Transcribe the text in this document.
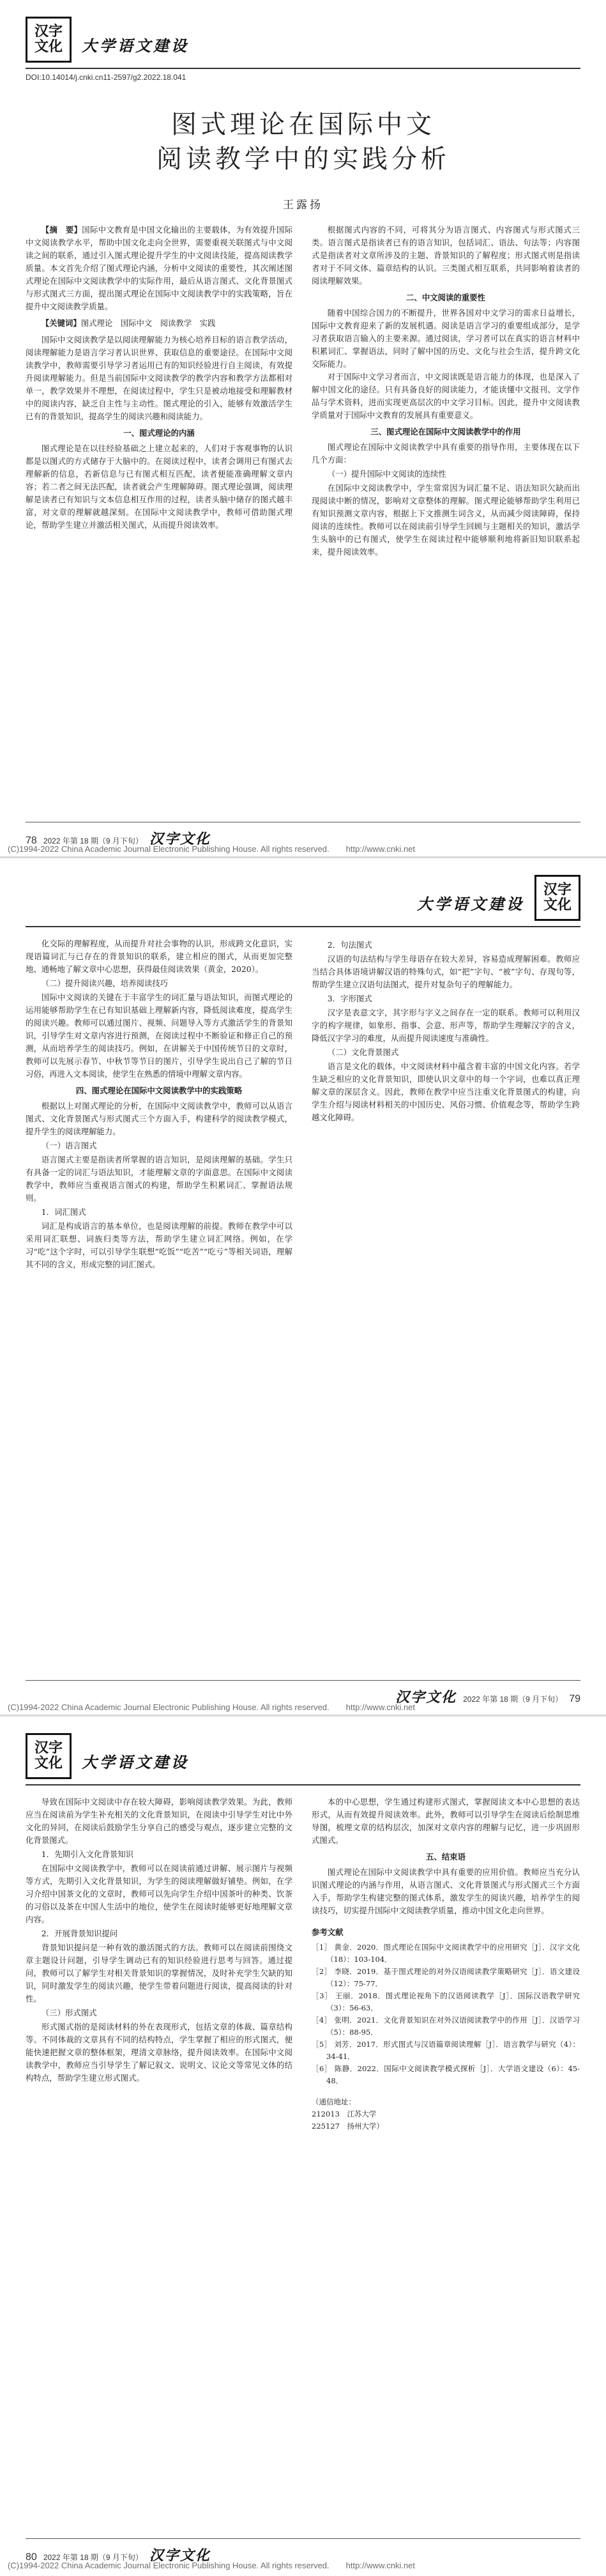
汉字
文化 大学语文建设
DOI:10.14014/j.cnki.cn11-2597/g2.2022.18.041
图式理论在国际中文
阅读教学中的实践分析
王露扬

【摘　要】国际中文教育是中国文化输出的主要载体，为有效提升国际中文阅读教学水平，帮助中国文化走向全世界，需要重视关联图式与中文阅读之间的联系，通过引入图式理论提升学生的中文阅读技能，提高阅读教学质量。本文首先介绍了图式理论内涵，分析中文阅读的重要性，其次阐述图式理论在国际中文阅读教学中的实际作用，最后从语言图式、文化背景图式与形式图式三方面，提出图式理论在国际中文阅读教学中的实践策略，旨在提升中文阅读教学质量。

【关键词】图式理论　国际中文　阅读教学　实践

国际中文阅读教学是以阅读理解能力为核心培养目标的语言教学活动，阅读理解能力是语言学习者认识世界、获取信息的重要途径。在国际中文阅读教学中，教师需要引导学习者运用已有的知识经验进行自主阅读，有效提升阅读理解能力。但是当前国际中文阅读教学的教学内容和教学方法都相对单一，教学效果并不理想，在阅读过程中，学生只是被动地接受和理解教材中的阅读内容，缺乏自主性与主动性。图式理论的引入，能够有效激活学生已有的背景知识，提高学生的阅读兴趣和阅读能力。

一、图式理论的内涵

图式理论是在以往经验基础之上建立起来的，人们对于客观事物的认识都是以图式的方式储存于大脑中的。在阅读过程中，读者会调用已有图式去理解新的信息，若新信息与已有图式相互匹配，读者便能准确理解文章内容；若二者之间无法匹配，读者就会产生理解障碍。图式理论强调，阅读理解是读者已有知识与文本信息相互作用的过程，读者头脑中储存的图式越丰富，对文章的理解就越深刻。在国际中文阅读教学中，教师可借助图式理论，帮助学生建立并激活相关图式，从而提升阅读效率。

根据图式内容的不同，可将其分为语言图式、内容图式与形式图式三类。语言图式是指读者已有的语言知识，包括词汇、语法、句法等；内容图式是指读者对文章所涉及的主题、背景知识的了解程度；形式图式则是指读者对于不同文体、篇章结构的认识。三类图式相互联系，共同影响着读者的阅读理解效果。

二、中文阅读的重要性

随着中国综合国力的不断提升，世界各国对中文学习的需求日益增长，国际中文教育迎来了新的发展机遇。阅读是语言学习的重要组成部分，是学习者获取语言输入的主要来源。通过阅读，学习者可以在真实的语言材料中积累词汇、掌握语法，同时了解中国的历史、文化与社会生活，提升跨文化交际能力。

对于国际中文学习者而言，中文阅读既是语言能力的体现，也是深入了解中国文化的途径。只有具备良好的阅读能力，才能读懂中文报刊、文学作品与学术资料，进而实现更高层次的中文学习目标。因此，提升中文阅读教学质量对于国际中文教育的发展具有重要意义。

三、图式理论在国际中文阅读教学中的作用

图式理论在国际中文阅读教学中具有重要的指导作用，主要体现在以下几个方面：

（一）提升国际中文阅读的连续性

在国际中文阅读教学中，学生常常因为词汇量不足、语法知识欠缺而出现阅读中断的情况，影响对文章整体的理解。图式理论能够帮助学生利用已有知识预测文章内容，根据上下文推测生词含义，从而减少阅读障碍，保持阅读的连续性。教师可以在阅读前引导学生回顾与主题相关的知识，激活学生头脑中的已有图式，使学生在阅读过程中能够顺利地将新旧知识联系起来，提升阅读效率。

78 2022 年第 18 期（9 月下旬） 汉字文化
(C)1994-2022 China Academic Journal Electronic Publishing House. All rights reserved.　　http://www.cnki.net
汉字
文化
大学语文建设

化交际的理解程度，从而提升对社会事物的认识，形成跨文化意识，实现语篇词汇与已存在的背景知识的联系，建立相应的图式，从而更加完整地、通畅地了解文章中心思想，获得最佳阅读效果（黄金，2020）。

（二）提升阅读兴趣，培养阅读技巧

国际中文阅读的关键在于丰富学生的词汇量与语法知识，而图式理论的运用能够帮助学生在已有知识基础上理解新内容，降低阅读难度，提高学生的阅读兴趣。教师可以通过图片、视频、问题导入等方式激活学生的背景知识，引导学生对文章内容进行预测，在阅读过程中不断验证和修正自己的预测，从而培养学生的阅读技巧。例如，在讲解关于中国传统节日的文章时，教师可以先展示春节、中秋节等节日的图片，引导学生说出自己了解的节日习俗，再进入文本阅读，使学生在熟悉的情境中理解文章内容。

四、图式理论在国际中文阅读教学中的实践策略

根据以上对图式理论的分析，在国际中文阅读教学中，教师可以从语言图式、文化背景图式与形式图式三个方面入手，构建科学的阅读教学模式，提升学生的阅读理解能力。

（一）语言图式

语言图式主要是指读者所掌握的语言知识，是阅读理解的基础。学生只有具备一定的词汇与语法知识，才能理解文章的字面意思。在国际中文阅读教学中，教师应当重视语言图式的构建，帮助学生积累词汇、掌握语法规则。

1．词汇图式

词汇是构成语言的基本单位，也是阅读理解的前提。教师在教学中可以采用词汇联想、词族归类等方法，帮助学生建立词汇网络。例如，在学习“吃”这个字时，可以引导学生联想“吃饭”“吃苦”“吃亏”等相关词语，理解其不同的含义，形成完整的词汇图式。

2．句法图式

汉语的句法结构与学生母语存在较大差异，容易造成理解困难。教师应当结合具体语境讲解汉语的特殊句式，如“把”字句、“被”字句、存现句等，帮助学生建立汉语句法图式，提升对复杂句子的理解能力。

3．字形图式

汉字是表意文字，其字形与字义之间存在一定的联系。教师可以利用汉字的构字规律，如象形、指事、会意、形声等，帮助学生理解汉字的含义，降低汉字学习的难度，从而提升阅读速度与准确性。

（二）文化背景图式

语言是文化的载体，中文阅读材料中蕴含着丰富的中国文化内容。若学生缺乏相应的文化背景知识，即使认识文章中的每一个字词，也难以真正理解文章的深层含义。因此，教师在教学中应当注重文化背景图式的构建，向学生介绍与阅读材料相关的中国历史、风俗习惯、价值观念等，帮助学生跨越文化障碍。

汉字文化 2022 年第 18 期（9 月下旬） 79
(C)1994-2022 China Academic Journal Electronic Publishing House. All rights reserved.　　http://www.cnki.net
汉字
文化 大学语文建设

导致在国际中文阅读中存在较大障碍，影响阅读教学效果。为此，教师应当在阅读前为学生补充相关的文化背景知识，在阅读中引导学生对比中外文化的异同，在阅读后鼓励学生分享自己的感受与观点，逐步建立完整的文化背景图式。

1．先期引入文化背景知识

在国际中文阅读教学中，教师可以在阅读前通过讲解、展示图片与视频等方式，先期引入文化背景知识，为学生的阅读理解做好铺垫。例如，在学习介绍中国茶文化的文章时，教师可以先向学生介绍中国茶叶的种类、饮茶的习俗以及茶在中国人生活中的地位，使学生在阅读时能够更好地理解文章内容。

2．开展背景知识提问

背景知识提问是一种有效的激活图式的方法。教师可以在阅读前围绕文章主题设计问题，引导学生调动已有的知识经验进行思考与回答。通过提问，教师可以了解学生对相关背景知识的掌握情况，及时补充学生欠缺的知识，同时激发学生的阅读兴趣，使学生带着问题进行阅读，提高阅读的针对性。

（三）形式图式

形式图式指的是阅读材料的外在表现形式，包括文章的体裁、篇章结构等。不同体裁的文章具有不同的结构特点，学生掌握了相应的形式图式，便能快速把握文章的整体框架，理清文章脉络，提升阅读效率。在国际中文阅读教学中，教师应当引导学生了解记叙文、说明文、议论文等常见文体的结构特点，帮助学生建立形式图式。

本的中心思想，学生通过构建形式图式，掌握阅读文本中心思想的表达形式，从而有效提升阅读效率。此外，教师可以引导学生在阅读后绘制思维导图，梳理文章的结构层次，加深对文章内容的理解与记忆，进一步巩固形式图式。

五、结束语

图式理论在国际中文阅读教学中具有重要的应用价值。教师应当充分认识图式理论的内涵与作用，从语言图式、文化背景图式与形式图式三个方面入手，帮助学生构建完整的图式体系，激发学生的阅读兴趣，培养学生的阅读技巧，切实提升国际中文阅读教学质量，推动中国文化走向世界。

参考文献

［1］ 黄金．2020．图式理论在国际中文阅读教学中的应用研究［J］．汉字文化（18）：103-104．

［2］ 李晓．2019．基于图式理论的对外汉语阅读教学策略研究［J］．语文建设（12）：75-77．

［3］ 王丽．2018．图式理论视角下的汉语阅读教学［J］．国际汉语教学研究（3）：56-63．

［4］ 张明．2021．文化背景知识在对外汉语阅读教学中的作用［J］．汉语学习（5）：88-95．

［5］ 刘芳．2017．形式图式与汉语篇章阅读理解［J］．语言教学与研究（4）：34-41．

［6］ 陈静．2022．国际中文阅读教学模式探析［J］．大学语文建设（6）：45-48．

（通信地址：

212013　江苏大学

225127　扬州大学）

80 2022 年第 18 期（9 月下旬） 汉字文化
(C)1994-2022 China Academic Journal Electronic Publishing House. All rights reserved.　　http://www.cnki.net
